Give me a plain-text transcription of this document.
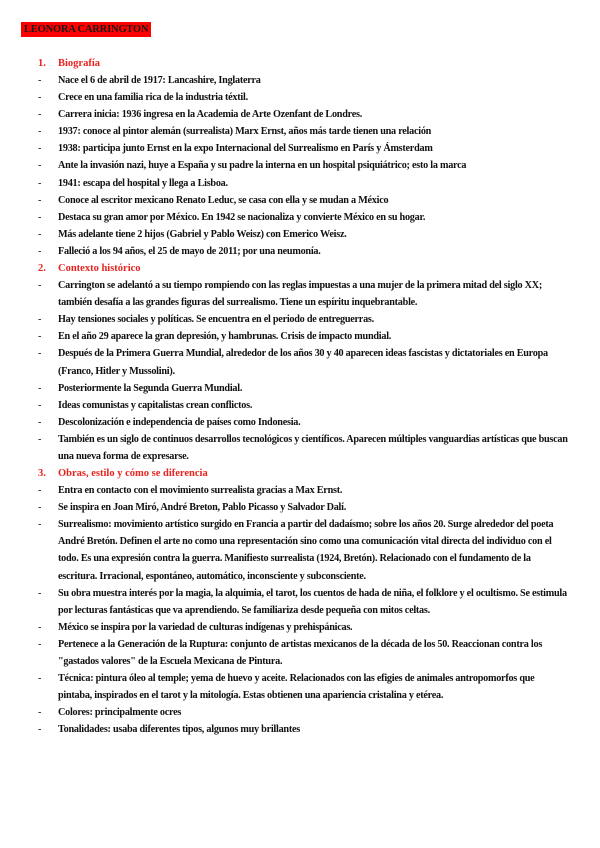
LEONORA CARRINGTON
1. Biografía
- Nace el 6 de abril de 1917: Lancashire, Inglaterra
- Crece en una familia rica de la industria téxtil.
- Carrera inicia: 1936 ingresa en la Academia de Arte Ozenfant de Londres.
- 1937: conoce al pintor alemán (surrealista) Marx Ernst, años más tarde tienen una relación
- 1938: participa junto Ernst en la expo Internacional del Surrealismo en París y Ámsterdam
- Ante la invasión nazi, huye a España y su padre la interna en un hospital psiquiátrico; esto la marca
- 1941: escapa del hospital y llega a Lisboa.
- Conoce al escritor mexicano Renato Leduc, se casa con ella y se mudan a México
- Destaca su gran amor por México. En 1942 se nacionaliza y convierte México en su hogar.
- Más adelante tiene 2 hijos (Gabriel y Pablo Weisz) con Emerico Weisz.
- Falleció a los 94 años, el 25 de mayo de 2011; por una neumonía.
2. Contexto histórico
- Carrington se adelantó a su tiempo rompiendo con las reglas impuestas a una mujer de la primera mitad del siglo XX; también desafía a las grandes figuras del surrealismo. Tiene un espíritu inquebrantable.
- Hay tensiones sociales y políticas. Se encuentra en el periodo de entreguerras.
- En el año 29 aparece la gran depresión, y hambrunas. Crisis de impacto mundial.
- Después de la Primera Guerra Mundial, alrededor de los años 30 y 40 aparecen ideas fascistas y dictatoriales en Europa (Franco, Hitler y Mussolini).
- Posteriormente la Segunda Guerra Mundial.
- Ideas comunistas y capitalistas crean conflictos.
- Descolonización e independencia de países como Indonesia.
- También es un siglo de continuos desarrollos tecnológicos y científicos. Aparecen múltiples vanguardias artísticas que buscan una nueva forma de expresarse.
3. Obras, estilo y cómo se diferencia
- Entra en contacto con el movimiento surrealista gracias a Max Ernst.
- Se inspira en Joan Miró, André Breton, Pablo Picasso y Salvador Dalí.
- Surrealismo: movimiento artístico surgido en Francia a partir del dadaísmo; sobre los años 20. Surge alrededor del poeta André Bretón. Definen el arte no como una representación sino como una comunicación vital directa del individuo con el todo. Es una expresión contra la guerra. Manifiesto surrealista (1924, Bretón). Relacionado con el fundamento de la escritura. Irracional, espontáneo, automático, inconsciente y subconsciente.
- Su obra muestra interés por la magia, la alquimia, el tarot, los cuentos de hada de niña, el folklore y el ocultismo. Se estimula por lecturas fantásticas que va aprendiendo. Se familiariza desde pequeña con mitos celtas.
- México se inspira por la variedad de culturas indígenas y prehispánicas.
- Pertenece a la Generación de la Ruptura: conjunto de artistas mexicanos de la década de los 50. Reaccionan contra los "gastados valores" de la Escuela Mexicana de Pintura.
- Técnica: pintura óleo al temple; yema de huevo y aceite. Relacionados con las efigies de animales antropomorfos que pintaba, inspirados en el tarot y la mitología. Estas obtienen una apariencia cristalina y etérea.
- Colores: principalmente ocres
- Tonalidades: usaba diferentes tipos, algunos muy brillantes
